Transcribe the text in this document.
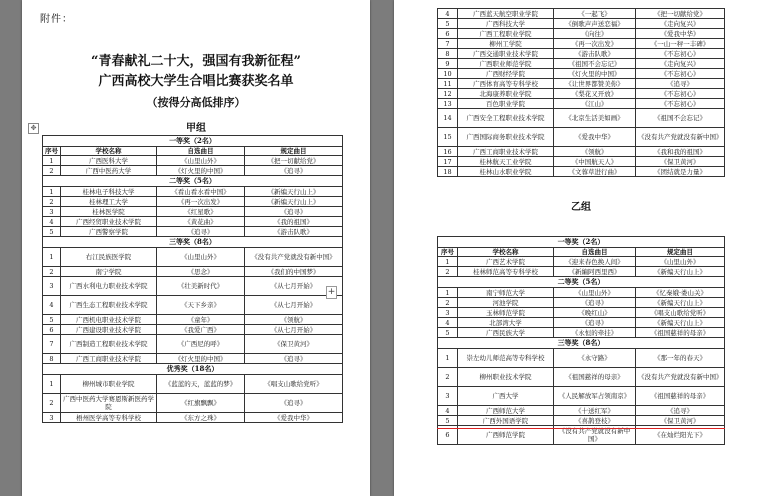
附件：
“青春献礼二十大，强国有我新征程”
广西高校大学生合唱比赛获奖名单
（按得分高低排序）
甲组
✥
一等奖（2名）			
序号	学校名称	自选曲目	规定曲目
1	广西医科大学	《山里山外》	《把一切献给党》
2	广西中医药大学	《灯火里的中国》	《追寻》
二等奖（5名）			
1	桂林电子科技大学	《看山看水看中国》	《新编天行山上》
2	桂林理工大学	《再一次出发》	《新编天行山上》
3	桂林医学院	《红星歌》	《追寻》
4	广西经贸职业技术学院	《黄花曲》	《我的祖国》
5	广西警察学院	《追寻》	《游击队歌》
三等奖（8名）			
1	右江民族医学院	《山里山外》	《没有共产党就没有新中国》
2	南宁学院	《思念》	《我们的中国梦》
3	广西水利电力职业技术学院	《壮美新时代》	《从七月开始》
4	广西生态工程职业技术学院	《天下乡亲》	《从七月开始》
5	广西机电职业技术学院	《童年》	《领航》
6	广西建设职业技术学院	《我爱广西》	《从七月开始》
7	广西制造工程职业技术学院	《广西尼的呼》	《保卫黄河》
8	广西工商职业技术学院	《灯火里的中国》	《追寻》
优秀奖（18名）			
1	柳州城市职业学院	《蓝蓝的天，蓝蓝的梦》	《唱支山歌给党听》
2	广西中医药大学赛恩斯新医药学院	《红旗飘飘》	《追寻》
3	梧州医学高等专科学校	《东方之珠》	《爱我中华》
+
4	广西蓝天航空职业学院	《一起飞》	《把一切献给党》
5	广西科技大学	《倒歌声声送恋福》	《走向复兴》
6	广西工程职业学院	《向往》	《爱我中华》
7	柳州工学院	《再一次出发》	《一山一秤一丰碑》
8	广西交通职业技术学院	《游击队歌》	《不忘初心》
9	广西职业师范学院	《祖国不会忘记》	《走向复兴》
10	广西财经学院	《灯火里的中国》	《不忘初心》
11	广西体育高等专科学校	《让世界都赞美你》	《追寻》
12	北海康养职业学院	《梨花又开放》	《不忘初心》
13	百色职业学院	《江山》	《不忘初心》
14	广西安全工程职业技术学院	《北京生活美如画》	《祖国不会忘记》
15	广西国际商务职业技术学院	《爱我中华》	《没有共产党就没有新中国》
16	广西工商职业技术学院	《领航》	《我和我的祖国》
17	桂林航天工业学院	《中国航天人》	《保卫黄河》
18	桂林山水职业学院	《文蓉草进行曲》	《团结就是力量》
乙组
一等奖（2名）			
序号	学校名称	自选曲目	规定曲目
1	广西艺术学院	《迎来春色换人间》	《山里山外》
2	桂林师范高等专科学校	《新編阿西里西》	《新编天行山上》
二等奖（5名）			
1	南宁师范大学	《山里山外》	《忆秦娥·娄山关》
2	河池学院	《追寻》	《新编天行山上》
3	玉林师范学院	《晚红山》	《唱支山歌给党听》
4	北部湾大学	《追寻》	《新编天行山上》
5	广西民族大学	《永恒的牵挂》	《祖国慈祥的母亲》
三等奖（8名）			
1	崇左幼儿师范高等专科学校	《永守路》	《那一年的春天》
2	柳州职业技术学院	《祖国慈祥的母亲》	《没有共产党就没有新中国》
3	广西大学	《人民解放军占领南京》	《祖国慈祥的母亲》
4	广西师范大学	《十送红军》	《追寻》
5	广西外国语学院	《喜鹊登枝》	《保卫黄河》
6	广西师范学院	《没有共产党就没有新中国》	《在灿烂阳光下》
